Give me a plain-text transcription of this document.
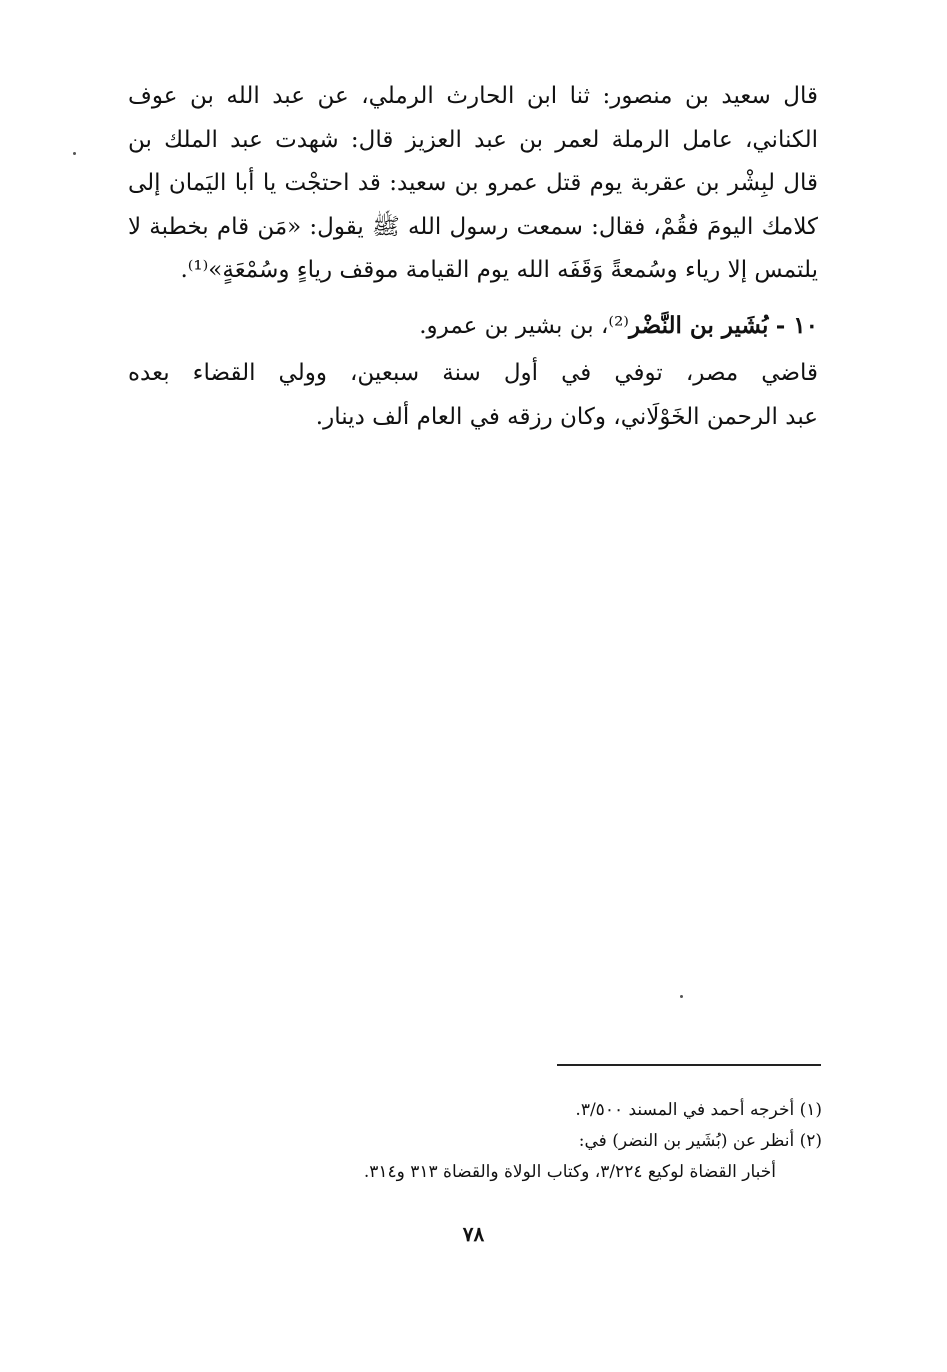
قال سعيد بن منصور: ثنا ابن الحارث الرملي، عن عبد الله بن عوف
الكناني، عامل الرملة لعمر بن عبد العزيز قال: شهدت عبد الملك بن
قال لبِشْر بن عقربة يوم قتل عمرو بن سعيد: قد احتجْت يا أبا اليَمان إلى
كلامك اليومَ فقُمْ، فقال: سمعت رسول الله ﷺ يقول: «مَن قام بخطبة لا
يلتمس إلا رياء وسُمعةً وَقَفَه الله يوم القيامة موقف رياءٍ وسُمْعَةٍ»⁽¹⁾.
١٠ - بُشَير بن النَّضْر⁽²⁾، بن بشير بن عمرو.
قاضي مصر، توفي في أول سنة سبعين، وولي القضاء بعده
عبد الرحمن الخَوْلَاني، وكان رزقه في العام ألف دينار.
(١) أخرجه أحمد في المسند ٣/٥٠٠.
(٢) أنظر عن (بُشَير بن النضر) في:
أخبار القضاة لوكيع ٣/٢٢٤، وكتاب الولاة والقضاة ٣١٣ و٣١٤.
٧٨
